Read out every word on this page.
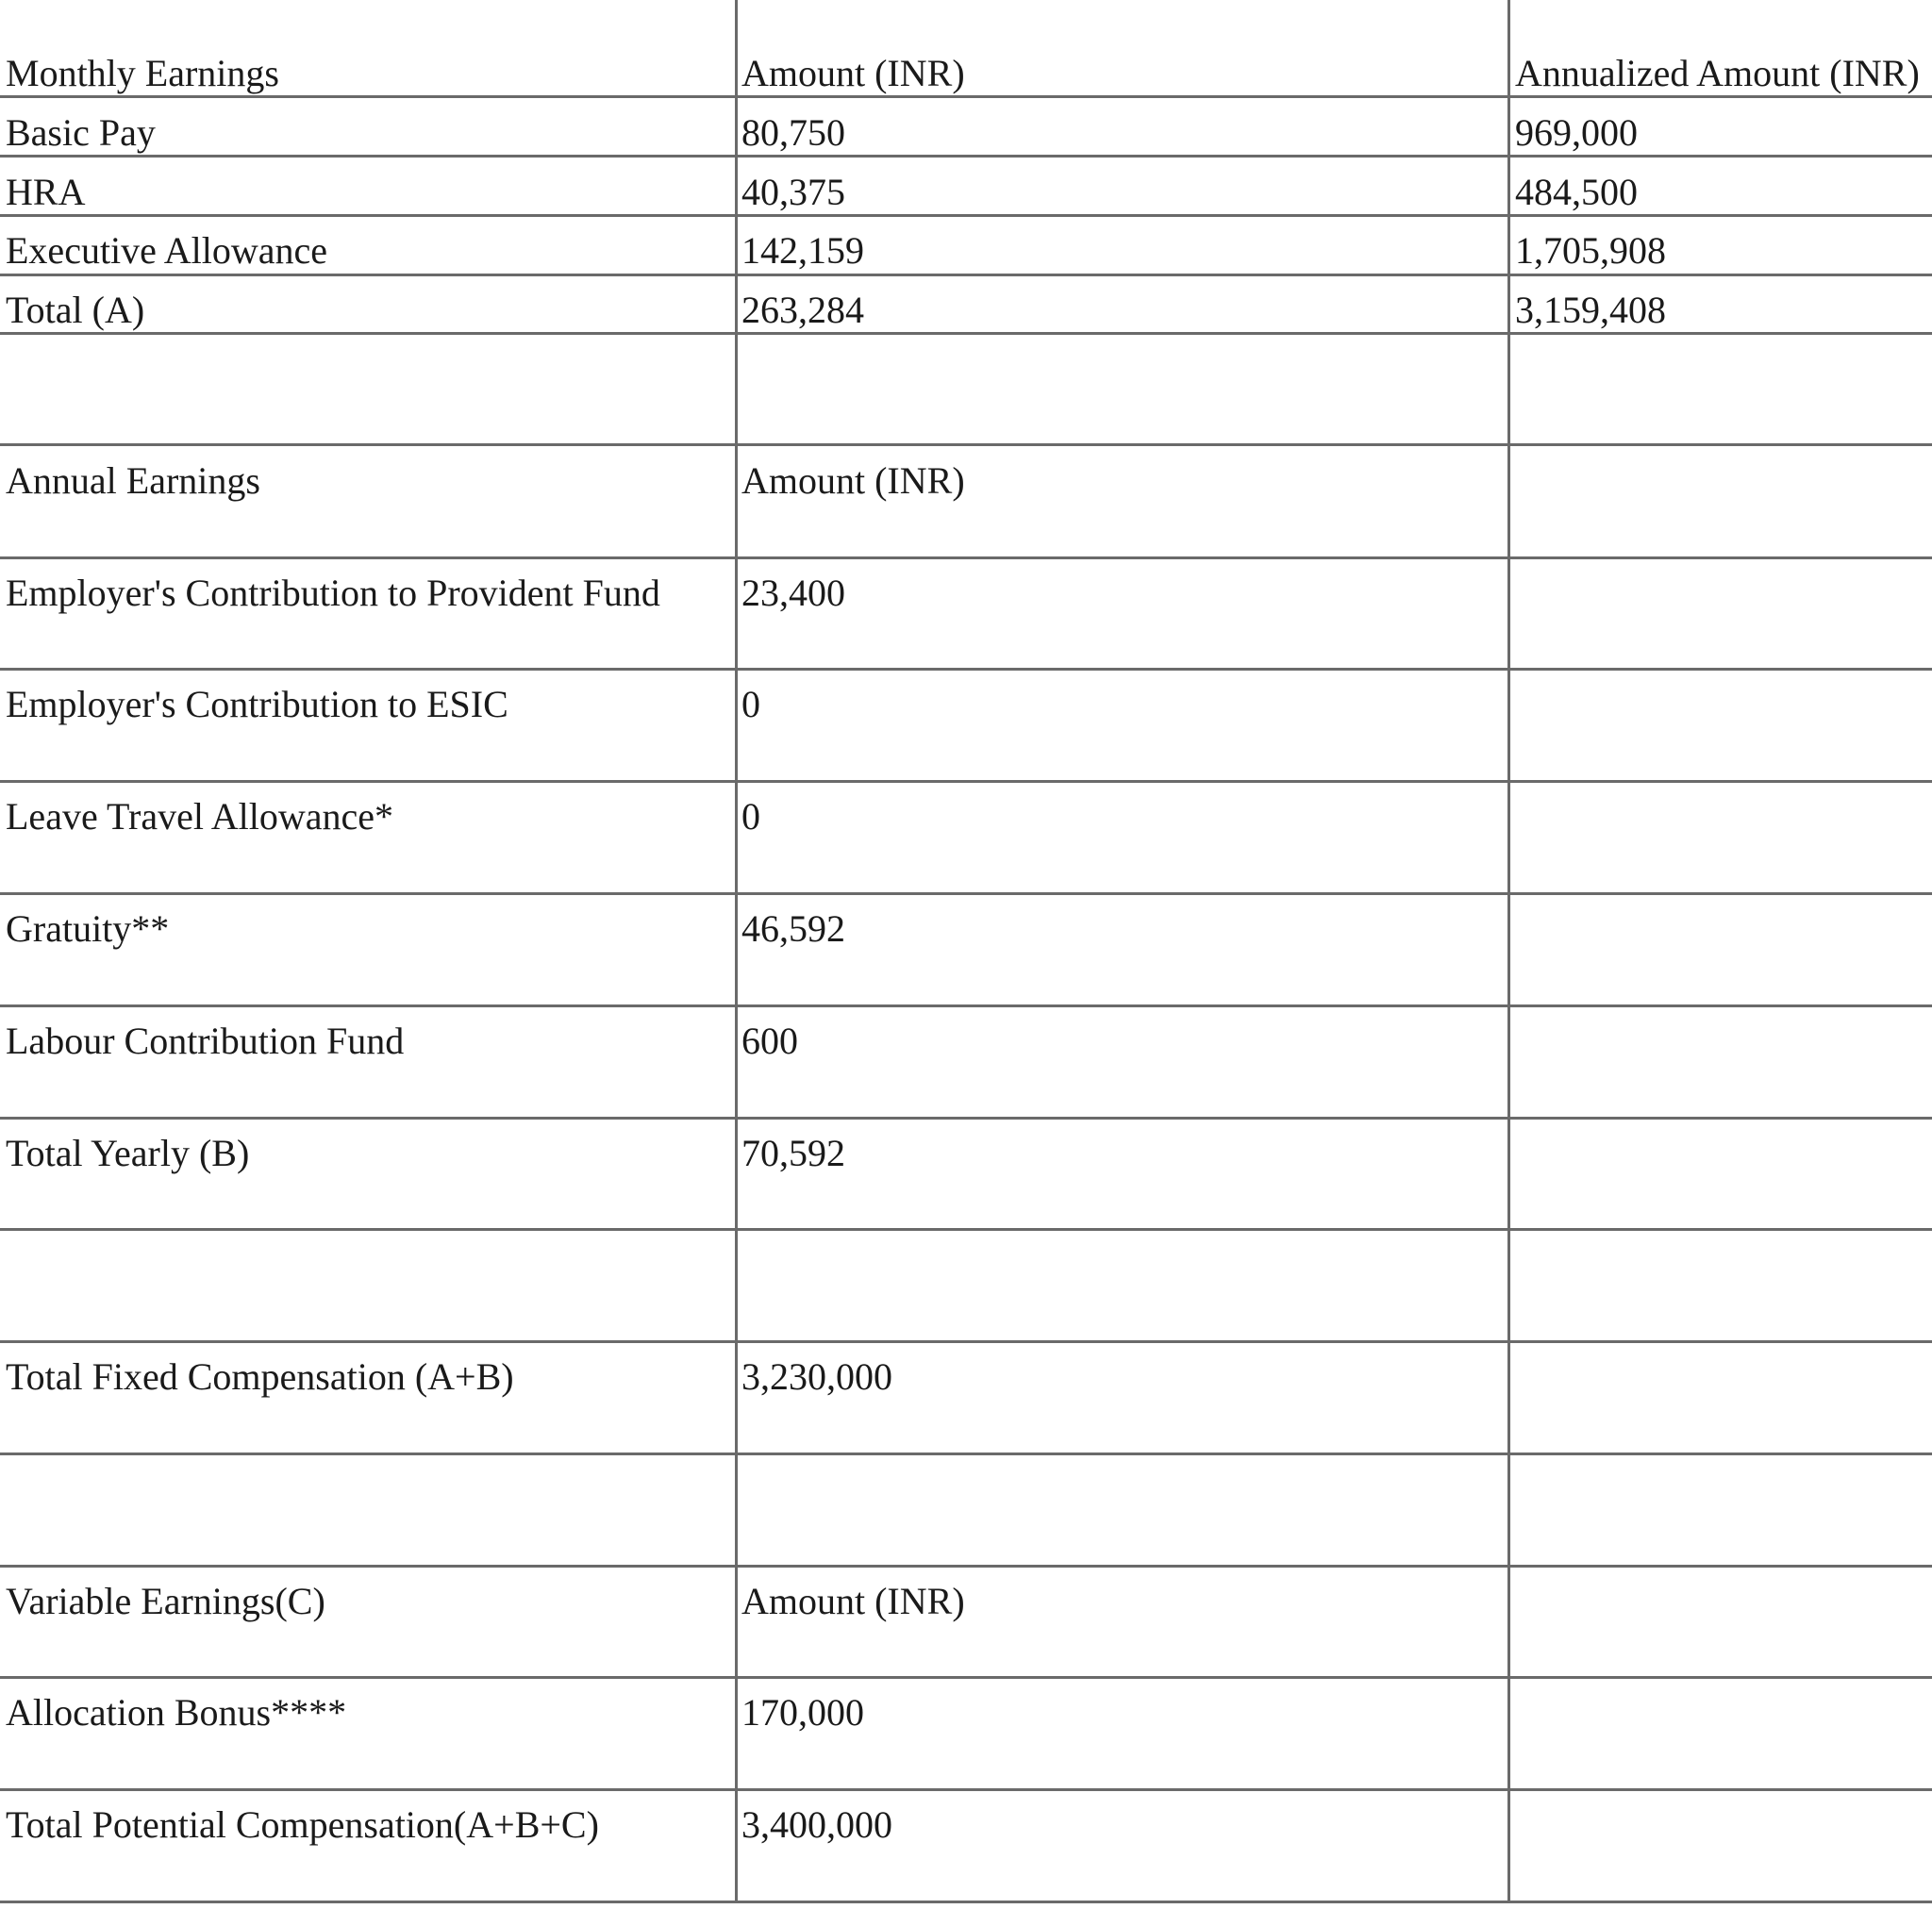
Monthly Earnings	Amount (INR)	Annualized Amount (INR)
Basic Pay	80,750	969,000
HRA	40,375	484,500
Executive Allowance	142,159	1,705,908
Total (A)	263,284	3,159,408
Annual Earnings	Amount (INR)
Employer's Contribution to Provident Fund 23,400
Employer's Contribution to ESIC	0
Leave Travel Allowance*	0
Gratuity**	46,592
Labour Contribution Fund	600
Total Yearly (B)	70,592
Total Fixed Compensation (A+B)	3,230,000
Variable Earnings(C)	Amount (INR)
Allocation Bonus****	170,000
Total Potential Compensation(A+B+C)	3,400,000
